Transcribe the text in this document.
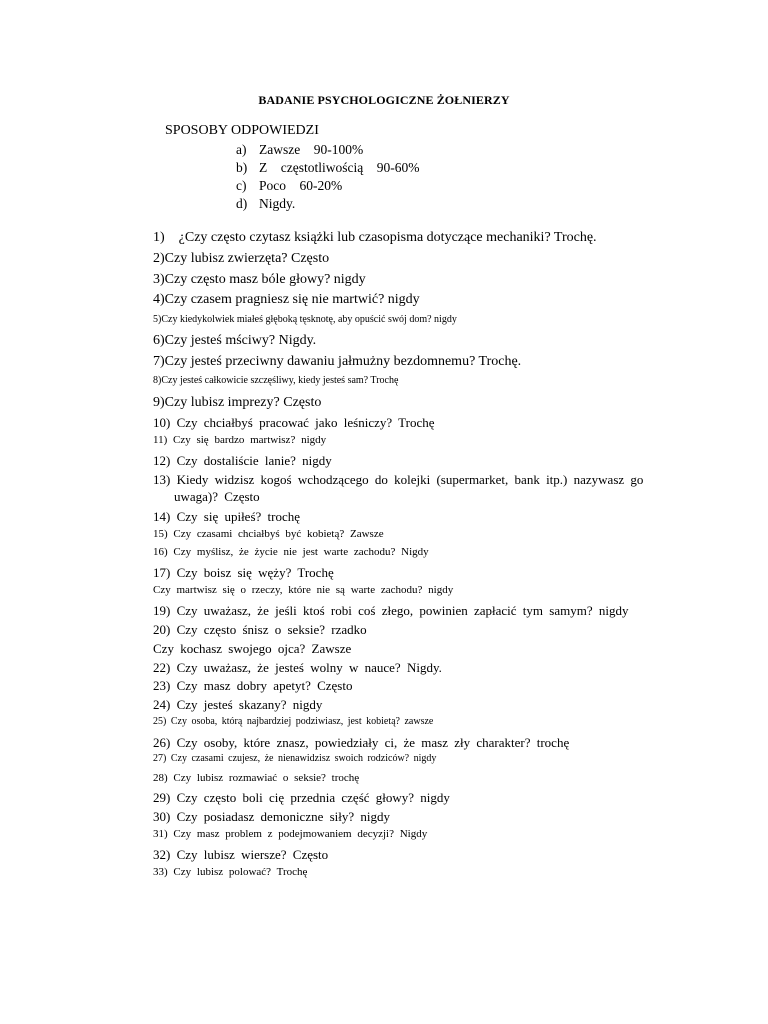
BADANIE PSYCHOLOGICZNE ŻOŁNIERZY
SPOSOBY ODPOWIEDZI
a) Zawsze    90-100%
b) Z    częstotliwością    90-60%
c) Poco    60-20%
d) Nigdy.
1)    ¿Czy często czytasz książki lub czasopisma dotyczące mechaniki? Trochę.
2)Czy lubisz zwierzęta? Często
3)Czy często masz bóle głowy? nigdy
4)Czy czasem pragniesz się nie martwić? nigdy
5)Czy kiedykolwiek miałeś głęboką tęsknotę, aby opuścić swój dom? nigdy
6)Czy jesteś mściwy? Nigdy.
7)Czy jesteś przeciwny dawaniu jałmużny bezdomnemu? Trochę.
8)Czy jesteś całkowicie szczęśliwy, kiedy jesteś sam? Trochę
9)Czy lubisz imprezy? Często
10) Czy chciałbyś pracować jako leśniczy? Trochę
11) Czy się bardzo martwisz? nigdy
12) Czy dostaliście lanie? nigdy
13) Kiedy widzisz kogoś wchodzącego do kolejki (supermarket, bank itp.) nazywasz go
uwaga)? Często
14) Czy się upiłeś? trochę
15) Czy czasami chciałbyś być kobietą? Zawsze
16) Czy myślisz, że życie nie jest warte zachodu? Nigdy
17) Czy boisz się węży? Trochę
Czy martwisz się o rzeczy, które nie są warte zachodu? nigdy
19) Czy uważasz, że jeśli ktoś robi coś złego, powinien zapłacić tym samym? nigdy
20) Czy często śnisz o seksie? rzadko
Czy kochasz swojego ojca? Zawsze
22) Czy uważasz, że jesteś wolny w nauce? Nigdy.
23) Czy masz dobry apetyt? Często
24) Czy jesteś skazany? nigdy
25) Czy osoba, którą najbardziej podziwiasz, jest kobietą? zawsze
26) Czy osoby, które znasz, powiedziały ci, że masz zły charakter? trochę
27) Czy czasami czujesz, że nienawidzisz swoich rodziców? nigdy
28) Czy lubisz rozmawiać o seksie? trochę
29) Czy często boli cię przednia część głowy? nigdy
30) Czy posiadasz demoniczne siły? nigdy
31) Czy masz problem z podejmowaniem decyzji? Nigdy
32) Czy lubisz wiersze? Często
33) Czy lubisz polować? Trochę
